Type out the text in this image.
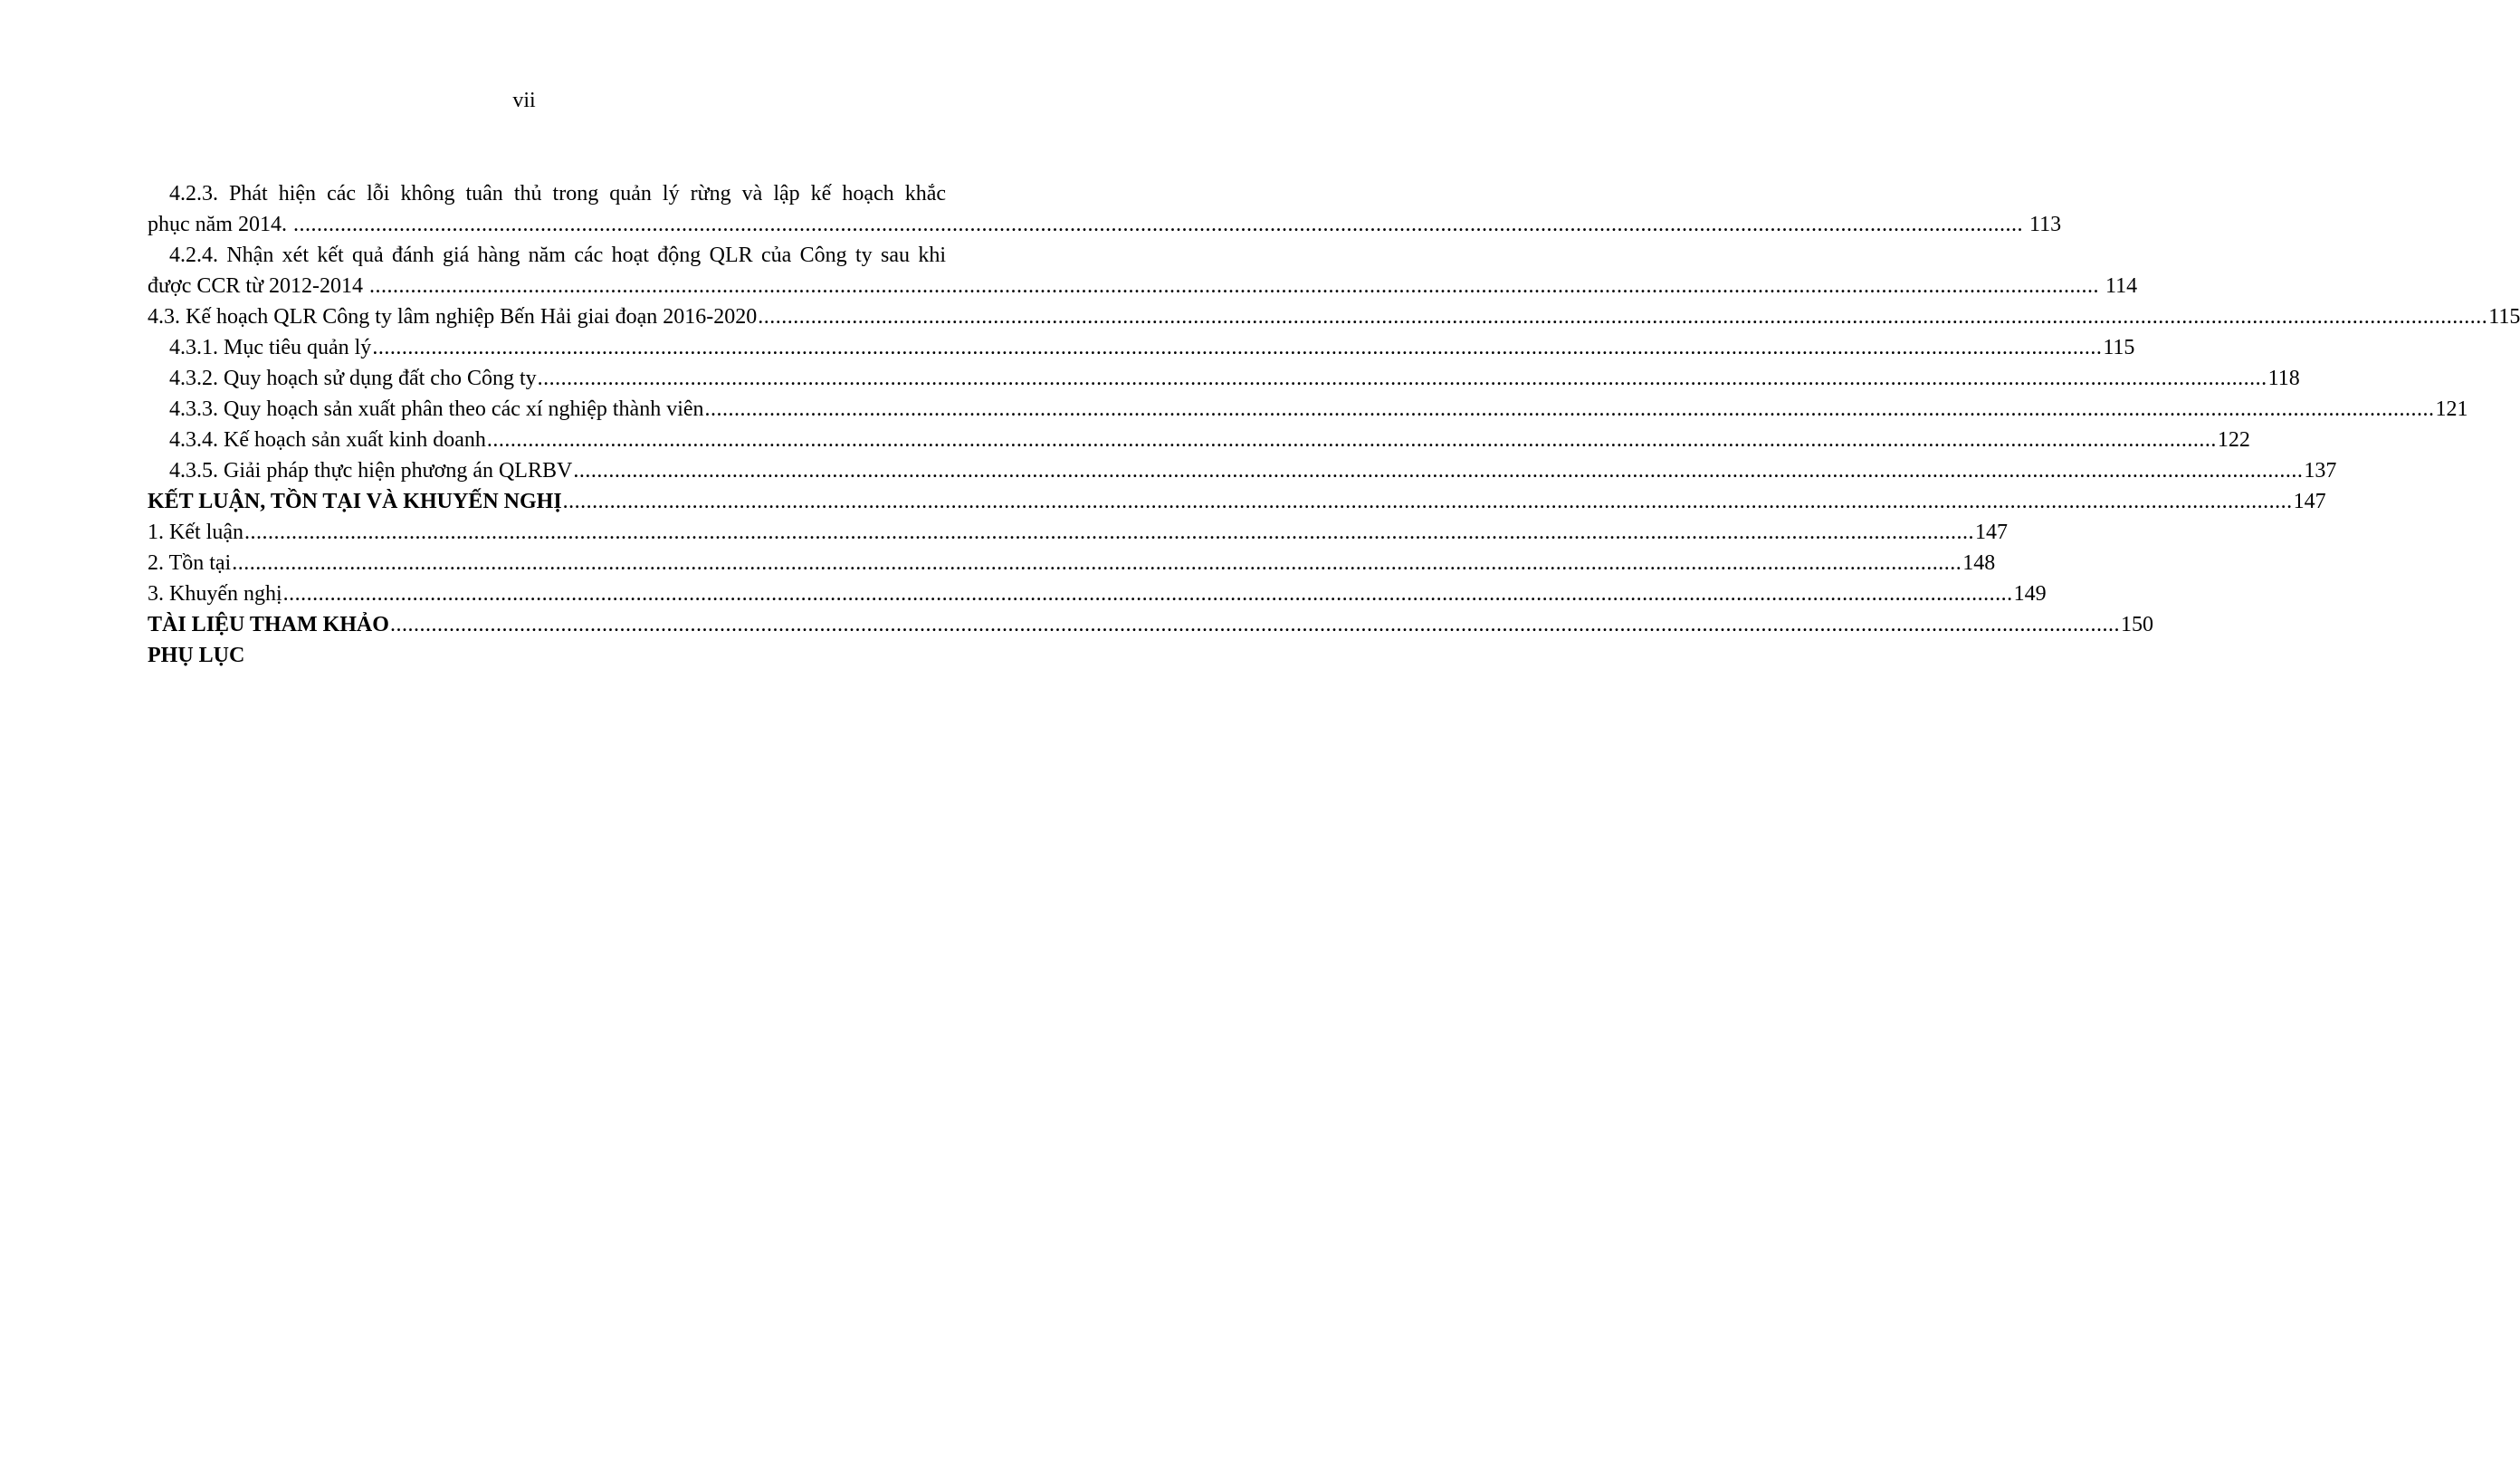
vii
4.2.3. Phát hiện các lỗi không tuân thủ trong quản lý rừng và lập kế hoạch khắc
phục năm 2014. .....	113
4.2.4. Nhận xét kết quả đánh giá hàng năm các hoạt động QLR của Công ty sau khi
được CCR từ 2012-2014 .....	114
4.3. Kế hoạch QLR Công ty lâm nghiệp Bến Hải giai đoạn 2016-2020 .....	115
4.3.1. Mục tiêu quản lý .....	115
4.3.2. Quy hoạch sử dụng đất cho Công ty .....	118
4.3.3. Quy hoạch sản xuất phân theo các xí nghiệp thành viên .....	121
4.3.4. Kế hoạch sản xuất kinh doanh .....	122
4.3.5. Giải pháp thực hiện phương án QLRBV .....	137
KẾT LUẬN, TỒN TẠI VÀ KHUYẾN NGHỊ .....	147
1. Kết luận .....	147
2. Tồn tại .....	148
3. Khuyến nghị .....	149
TÀI LIỆU THAM KHẢO .....	150
PHỤ LỤC
